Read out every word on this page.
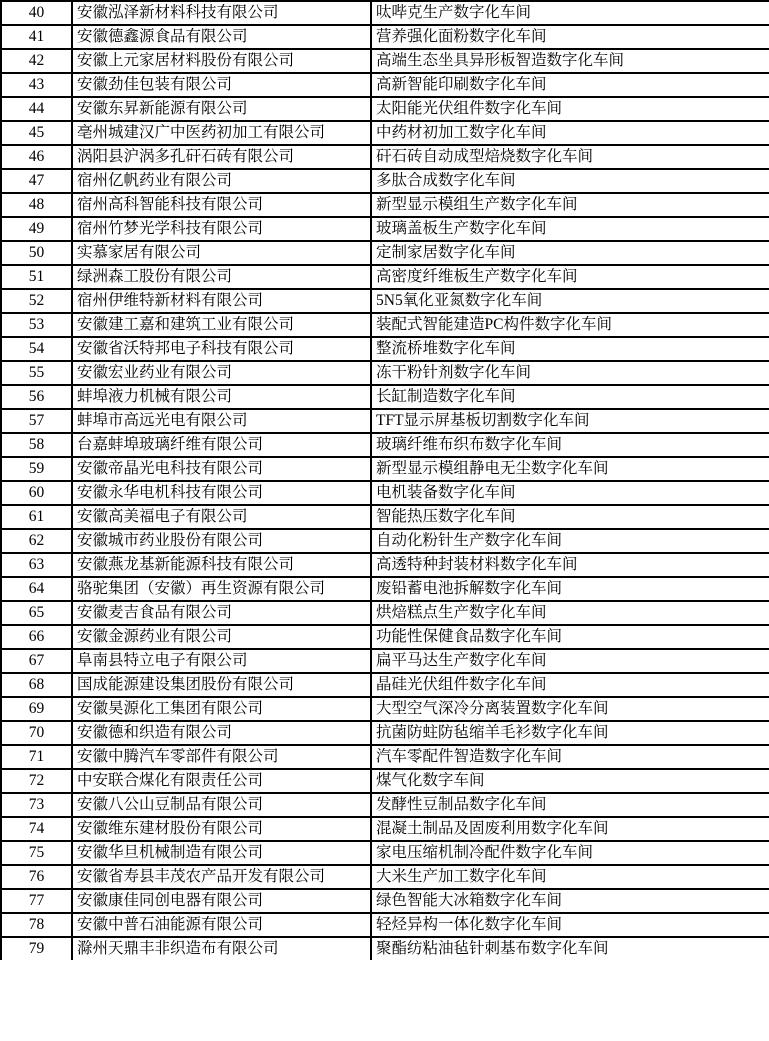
40	安徽泓泽新材料科技有限公司	呔哔克生产数字化车间
41	安徽德鑫源食品有限公司	营养强化面粉数字化车间
42	安徽上元家居材料股份有限公司	高端生态坐具异形板智造数字化车间
43	安徽劲佳包装有限公司	高新智能印刷数字化车间
44	安徽东昇新能源有限公司	太阳能光伏组件数字化车间
45	亳州城建汉广中医药初加工有限公司	中药材初加工数字化车间
46	涡阳县沪涡多孔矸石砖有限公司	矸石砖自动成型焙烧数字化车间
47	宿州亿帆药业有限公司	多肽合成数字化车间
48	宿州高科智能科技有限公司	新型显示模组生产数字化车间
49	宿州竹梦光学科技有限公司	玻璃盖板生产数字化车间
50	实慕家居有限公司	定制家居数字化车间
51	绿洲森工股份有限公司	高密度纤维板生产数字化车间
52	宿州伊维特新材料有限公司	5N5氧化亚氮数字化车间
53	安徽建工嘉和建筑工业有限公司	装配式智能建造PC构件数字化车间
54	安徽省沃特邦电子科技有限公司	整流桥堆数字化车间
55	安徽宏业药业有限公司	冻干粉针剂数字化车间
56	蚌埠液力机械有限公司	长缸制造数字化车间
57	蚌埠市高远光电有限公司	TFT显示屏基板切割数字化车间
58	台嘉蚌埠玻璃纤维有限公司	玻璃纤维布织布数字化车间
59	安徽帝晶光电科技有限公司	新型显示模组静电无尘数字化车间
60	安徽永华电机科技有限公司	电机装备数字化车间
61	安徽高美福电子有限公司	智能热压数字化车间
62	安徽城市药业股份有限公司	自动化粉针生产数字化车间
63	安徽燕龙基新能源科技有限公司	高透特种封装材料数字化车间
64	骆驼集团（安徽）再生资源有限公司	废铅蓄电池拆解数字化车间
65	安徽麦吉食品有限公司	烘焙糕点生产数字化车间
66	安徽金源药业有限公司	功能性保健食品数字化车间
67	阜南县特立电子有限公司	扁平马达生产数字化车间
68	国成能源建设集团股份有限公司	晶硅光伏组件数字化车间
69	安徽昊源化工集团有限公司	大型空气深冷分离装置数字化车间
70	安徽德和织造有限公司	抗菌防蛀防毡缩羊毛衫数字化车间
71	安徽中腾汽车零部件有限公司	汽车零配件智造数字化车间
72	中安联合煤化有限责任公司	煤气化数字车间
73	安徽八公山豆制品有限公司	发酵性豆制品数字化车间
74	安徽维东建材股份有限公司	混凝土制品及固废利用数字化车间
75	安徽华旦机械制造有限公司	家电压缩机制冷配件数字化车间
76	安徽省寿县丰茂农产品开发有限公司	大米生产加工数字化车间
77	安徽康佳同创电器有限公司	绿色智能大冰箱数字化车间
78	安徽中普石油能源有限公司	轻烃异构一体化数字化车间
79	滁州天鼎丰非织造布有限公司	聚酯纺粘油毡针刺基布数字化车间
